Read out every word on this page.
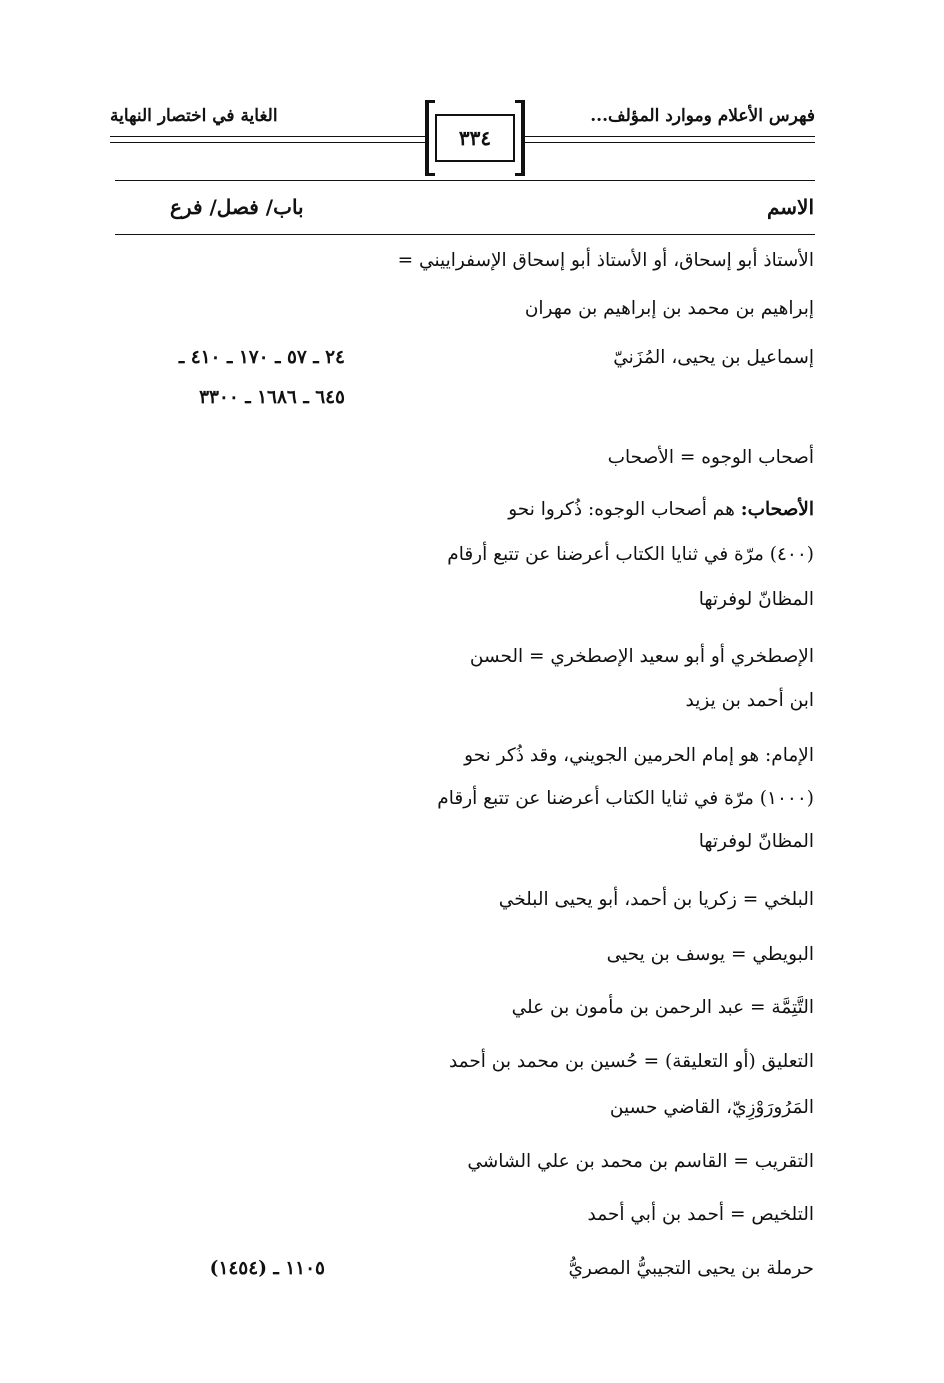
فهرس الأعلام وموارد المؤلف...
الغاية في اختصار النهاية
٣٣٤
الاسم
باب/ فصل/ فرع
الأستاذ أبو إسحاق، أو الأستاذ أبو إسحاق الإسفراييني =
إبراهيم بن محمد بن إبراهيم بن مهران
إسماعيل بن يحيى، المُزَنيّ
٢٤ ـ ٥٧ ـ ١٧٠ ـ ٤١٠ ـ
٦٤٥ ـ ١٦٨٦ ـ ٣٣٠٠
أصحاب الوجوه = الأصحاب
الأصحاب: هم أصحاب الوجوه: ذُكروا نحو
(٤٠٠) مرّة في ثنايا الكتاب أعرضنا عن تتبع أرقام
المظانّ لوفرتها
الإصطخري أو أبو سعيد الإصطخري = الحسن
ابن أحمد بن يزيد
الإمام: هو إمام الحرمين الجويني، وقد ذُكر نحو
(١٠٠٠) مرّة في ثنايا الكتاب أعرضنا عن تتبع أرقام
المظانّ لوفرتها
البلخي = زكريا بن أحمد، أبو يحيى البلخي
البويطي = يوسف بن يحيى
التَّتِمَّة = عبد الرحمن بن مأمون بن علي
التعليق (أو التعليقة) = حُسين بن محمد بن أحمد
المَرُورَوْزِيّ، القاضي حسين
التقريب = القاسم بن محمد بن علي الشاشي
التلخيص = أحمد بن أبي أحمد
حرملة بن يحيى التجيبيُّ المصريُّ
١١٠٥ ـ (١٤٥٤)
